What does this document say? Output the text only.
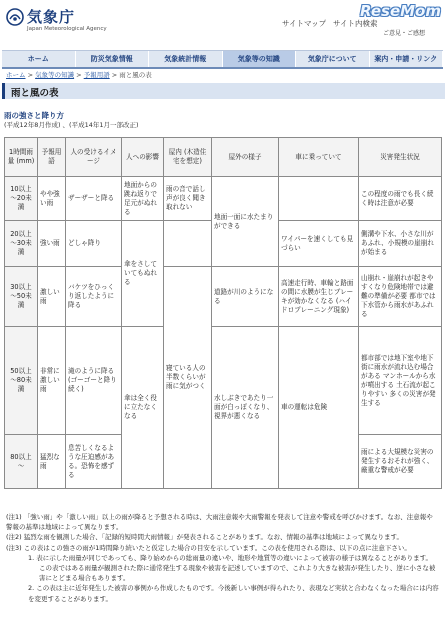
気象庁
Japan Meteorological Agency
サイトマップ サイト内検索
ご意見・ご感想
ReseMom
ホーム	防災気象情報	気象統計情報	気象等の知識	気象庁について	案内・申請・リンク
ホーム > 気象等の知識 > 予報用語 > 雨と風の表
雨と風の表
雨の強さと降り方
(平成12年8月作成) 、(平成14年1月一部改正)
1時間雨量 (mm)	予報用語	人の受けるイメージ	人への影響	屋内 (木造住宅を想定)	屋外の様子	車に乗っていて	災害発生状況
10以上～20未満	やや強い雨	ザーザーと降る	地面からの跳ね返りで足元がぬれる	雨の音で話し声が良く聞き取れない	地面一面に水たまりができる		この程度の雨でも長く続く時は注意が必要
20以上～30未満	強い雨	どしゃ降り	傘をさしていてもぬれる			ワイパーを速くしても見づらい	側溝や下水、小さな川があふれ、小規模の崖崩れが始まる
30以上～50未満	激しい雨	バケツをひっくり返したように降る		寝ている人の半数くらいが雨に気がつく	道路が川のようになる	高速走行時、車輪と路面の間に水膜が生じブレーキが効かなくなる (ハイドロプレーニング現象)	山崩れ・崖崩れが起きやすくなり危険地帯では避難の準備が必要 都市では下水管から雨水があふれる
50以上～80未満	非常に激しい雨	滝のように降る (ゴーゴーと降り続く)	傘は全く役に立たなくなる		水しぶきであたり一面が白っぽくなり、視界が悪くなる	車の運転は危険	都市部では地下室や地下街に雨水が流れ込む場合がある マンホールから水が噴出する 土石流が起こりやすい 多くの災害が発生する
80以上～	猛烈な雨	息苦しくなるような圧迫感がある。恐怖を感ずる					雨による大規模な災害の発生するおそれが強く、厳重な警戒が必要

(注1) 「強い雨」や「激しい雨」以上の雨が降ると予想される時は、大雨注意報や大雨警報を発表して注意や警戒を呼びかけます。なお、注意報や警報の基準は地域によって異なります。

(注2) 猛烈な雨を観測した場合、「記録的短時間大雨情報」が発表されることがあります。なお、情報の基準は地域によって異なります。

(注3) この表はこの強さの雨が1時間降り続いたと仮定した場合の目安を示しています。この表を使用される際は、以下の点に注意下さい。

1. 表に示した雨量が同じであっても、降り始めからの総雨量の違いや、地形や地質等の違いによって被害の様子は異なることがあります。

この表ではある雨量が観測された際に通常発生する現象や被害を記述していますので、これより大きな被害が発生したり、逆に小さな被害にとどまる場合もあります。

2. この表は主に近年発生した被害の事例から作成したものです。今後新しい事例が得られたり、表現など実状と合わなくなった場合には内容を変更することがあります。
